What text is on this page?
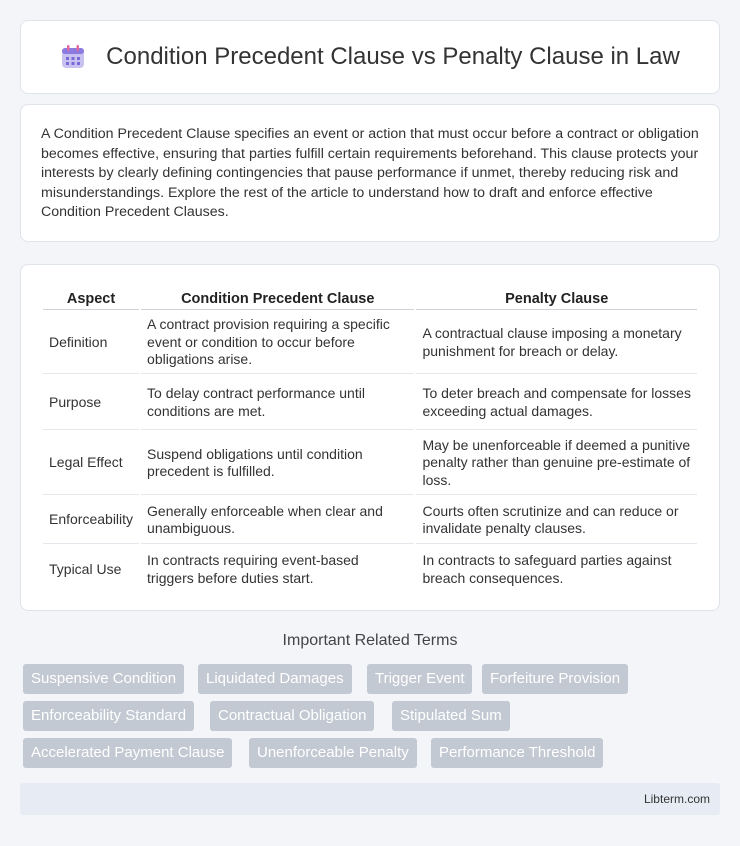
Condition Precedent Clause vs Penalty Clause in Law

A Condition Precedent Clause specifies an event or action that must occur before a contract or obligation becomes effective, ensuring that parties fulfill certain requirements beforehand. This clause protects your interests by clearly defining contingencies that pause performance if unmet, thereby reducing risk and misunderstandings. Explore the rest of the article to understand how to draft and enforce effective Condition Precedent Clauses.

Aspect	Condition Precedent Clause	Penalty Clause
Definition	A contract provision requiring a specific event or condition to occur before obligations arise.	A contractual clause imposing a monetary punishment for breach or delay.
Purpose	To delay contract performance until conditions are met.	To deter breach and compensate for losses exceeding actual damages.
Legal Effect	Suspend obligations until condition precedent is fulfilled.	May be unenforceable if deemed a punitive penalty rather than genuine pre-estimate of loss.
Enforceability	Generally enforceable when clear and unambiguous.	Courts often scrutinize and can reduce or invalidate penalty clauses.
Typical Use	In contracts requiring event-based triggers before duties start.	In contracts to safeguard parties against breach consequences.
Important Related Terms
Suspensive Condition	Liquidated Damages	Trigger Event	Forfeiture Provision
Enforceability Standard	Contractual Obligation	Stipulated Sum
Accelerated Payment Clause	Unenforceable Penalty	Performance Threshold
Libterm.com
